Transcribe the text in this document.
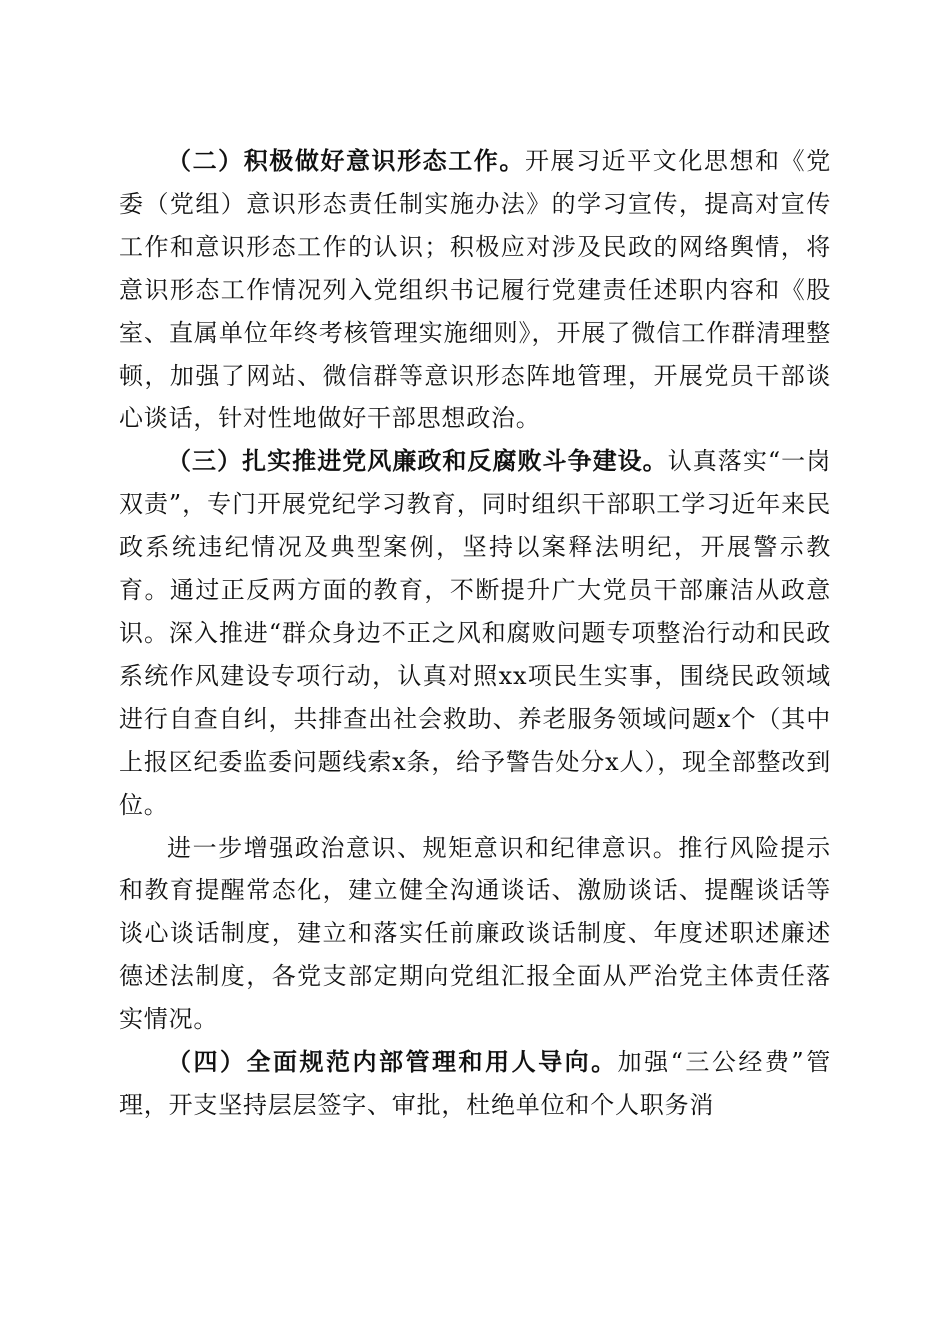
（二）积极做好意识形态工作。开展习近平文化思想和《党委（党组）意识形态责任制实施办法》的学习宣传，提高对宣传工作和意识形态工作的认识；积极应对涉及民政的网络舆情，将意识形态工作情况列入党组织书记履行党建责任述职内容和《股室、直属单位年终考核管理实施细则》，开展了微信工作群清理整顿，加强了网站、微信群等意识形态阵地管理，开展党员干部谈心谈话，针对性地做好干部思想政治。

（三）扎实推进党风廉政和反腐败斗争建设。认真落实“一岗双责”，专门开展党纪学习教育，同时组织干部职工学习近年来民政系统违纪情况及典型案例，坚持以案释法明纪，开展警示教育。通过正反两方面的教育，不断提升广大党员干部廉洁从政意识。深入推进“群众身边不正之风和腐败问题专项整治行动和民政系统作风建设专项行动，认真对照xx项民生实事，围绕民政领域进行自查自纠，共排查出社会救助、养老服务领域问题x个（其中上报区纪委监委问题线索x条，给予警告处分x人），现全部整改到位。

进一步增强政治意识、规矩意识和纪律意识。推行风险提示和教育提醒常态化，建立健全沟通谈话、激励谈话、提醒谈话等谈心谈话制度，建立和落实任前廉政谈话制度、年度述职述廉述德述法制度，各党支部定期向党组汇报全面从严治党主体责任落实情况。

（四）全面规范内部管理和用人导向。加强“三公经费”管理，开支坚持层层签字、审批，杜绝单位和个人职务消
